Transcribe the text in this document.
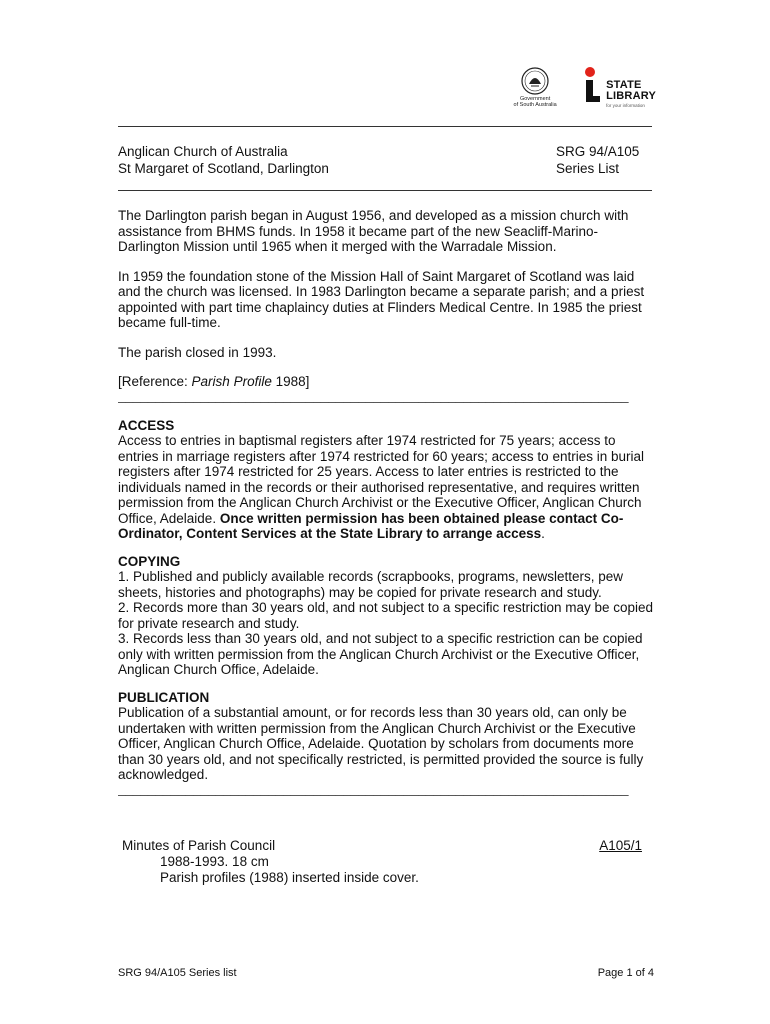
Government
of South Australia
STATE
LIBRARY
for your information
Anglican Church of Australia
St Margaret of Scotland, Darlington
SRG 94/A105
Series List

The Darlington parish began in August 1956, and developed as a mission church with assistance from BHMS funds. In 1958 it became part of the new Seacliff-Marino-Darlington Mission until 1965 when it merged with the Warradale Mission.

In 1959 the foundation stone of the Mission Hall of Saint Margaret of Scotland was laid and the church was licensed. In 1983 Darlington became a separate parish; and a priest appointed with part time chaplaincy duties at Flinders Medical Centre. In 1985 the priest became full-time.

The parish closed in 1993.

[Reference: Parish Profile 1988]

____________________________________________________________________

ACCESS

Access to entries in baptismal registers after 1974 restricted for 75 years; access to entries in marriage registers after 1974 restricted for 60 years; access to entries in burial registers after 1974 restricted for 25 years. Access to later entries is restricted to the individuals named in the records or their authorised representative, and requires written permission from the Anglican Church Archivist or the Executive Officer, Anglican Church Office, Adelaide. Once written permission has been obtained please contact Co-Ordinator, Content Services at the State Library to arrange access.

COPYING

1. Published and publicly available records (scrapbooks, programs, newsletters, pew sheets, histories and photographs) may be copied for private research and study.

2. Records more than 30 years old, and not subject to a specific restriction may be copied for private research and study.

3. Records less than 30 years old, and not subject to a specific restriction can be copied only with written permission from the Anglican Church Archivist or the Executive Officer, Anglican Church Office, Adelaide.

PUBLICATION

Publication of a substantial amount, or for records less than 30 years old, can only be undertaken with written permission from the Anglican Church Archivist or the Executive Officer, Anglican Church Office, Adelaide. Quotation by scholars from documents more than 30 years old, and not specifically restricted, is permitted provided the source is fully acknowledged.

____________________________________________________________________
Minutes of Parish Council	A105/1
1988-1993. 18 cm
Parish profiles (1988) inserted inside cover.
SRG 94/A105 Series list	Page 1 of 4
